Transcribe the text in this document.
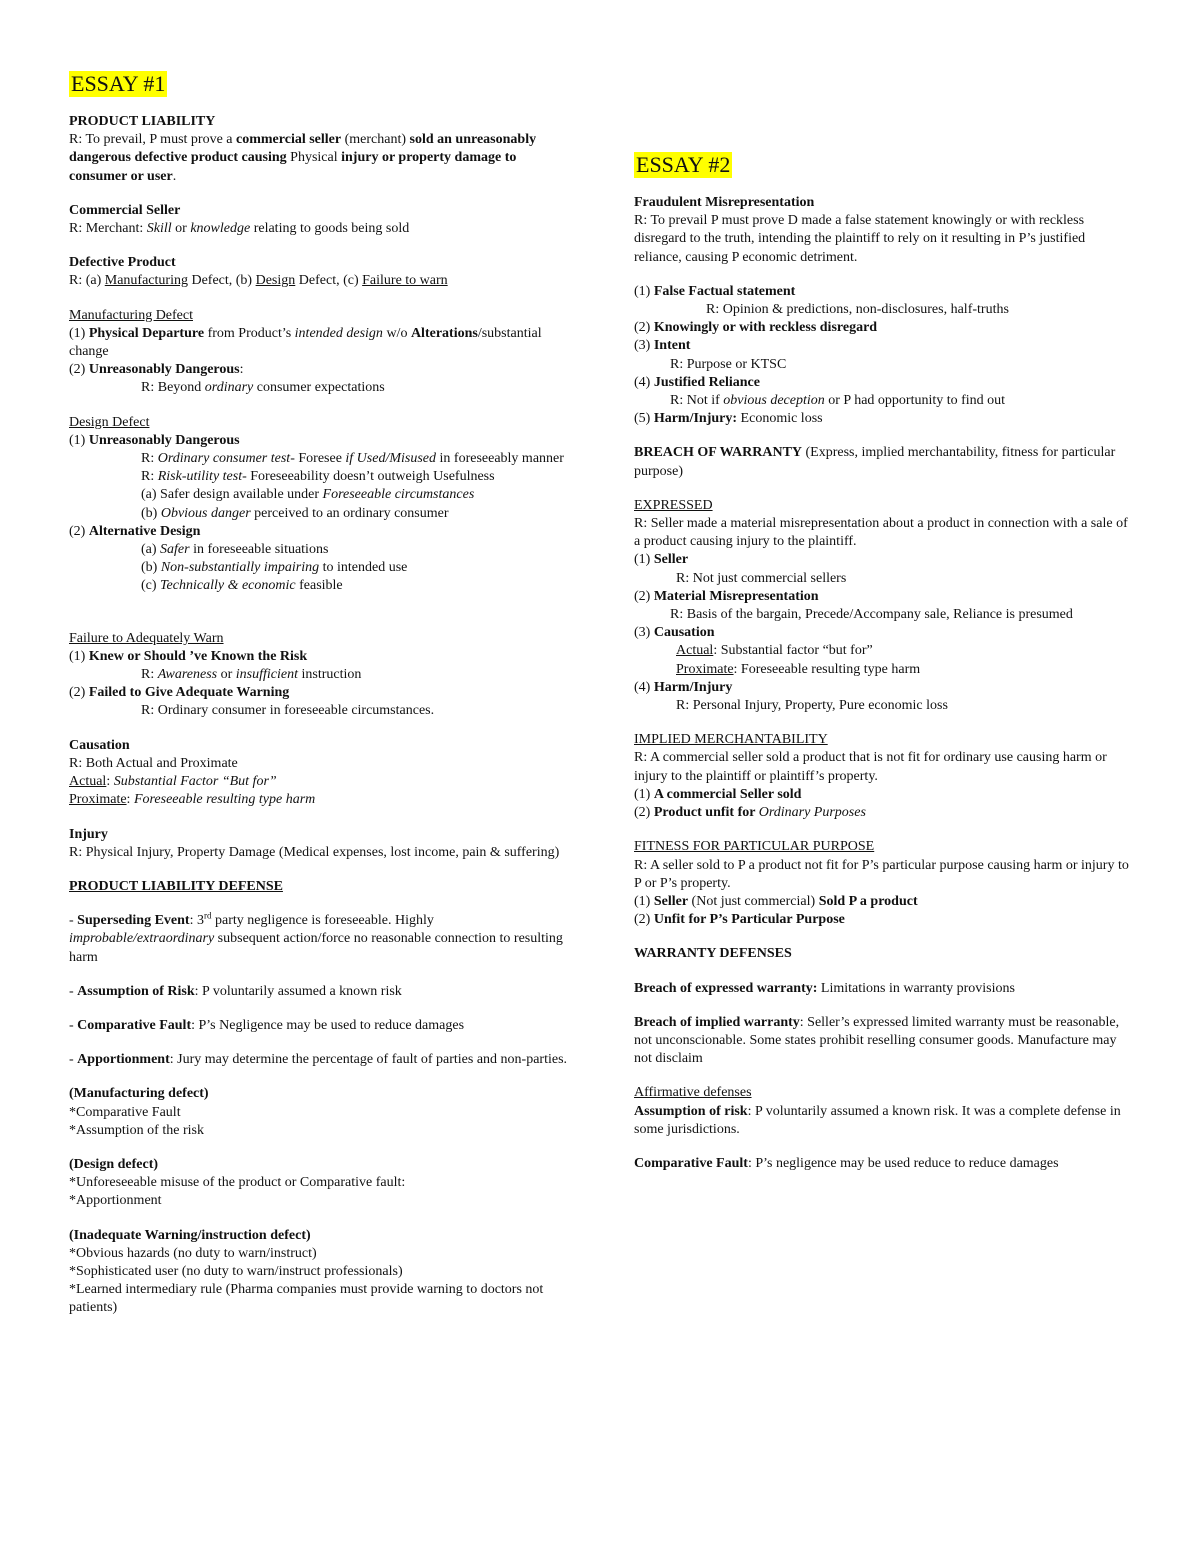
ESSAY #1
PRODUCT LIABILITY
R: To prevail, P must prove a commercial seller (merchant) sold an unreasonably dangerous defective product causing Physical injury or property damage to consumer or user.
Commercial Seller
R: Merchant: Skill or knowledge relating to goods being sold
Defective Product
R: (a) Manufacturing Defect, (b) Design Defect, (c) Failure to warn
Manufacturing Defect
(1) Physical Departure from Product’s intended design w/o Alterations/substantial change
(2) Unreasonably Dangerous:
R: Beyond ordinary consumer expectations
Design Defect
(1) Unreasonably Dangerous
R: Ordinary consumer test- Foresee if Used/Misused in foreseeably manner
R: Risk-utility test- Foreseeability doesn’t outweigh Usefulness
(a) Safer design available under Foreseeable circumstances
(b) Obvious danger perceived to an ordinary consumer
(2) Alternative Design
(a) Safer in foreseeable situations
(b) Non-substantially impairing to intended use
(c) Technically & economic feasible
Failure to Adequately Warn
(1) Knew or Should ’ve Known the Risk
R: Awareness or insufficient instruction
(2) Failed to Give Adequate Warning
R: Ordinary consumer in foreseeable circumstances.
Causation
R: Both Actual and Proximate
Actual: Substantial Factor “But for”
Proximate: Foreseeable resulting type harm
Injury
R: Physical Injury, Property Damage (Medical expenses, lost income, pain & suffering)
PRODUCT LIABILITY DEFENSE
- Superseding Event: 3rd party negligence is foreseeable. Highly improbable/extraordinary subsequent action/force no reasonable connection to resulting harm
- Assumption of Risk: P voluntarily assumed a known risk
- Comparative Fault: P’s Negligence may be used to reduce damages
- Apportionment: Jury may determine the percentage of fault of parties and non-parties.
(Manufacturing defect)
*Comparative Fault
*Assumption of the risk
(Design defect)
*Unforeseeable misuse of the product or Comparative fault:
*Apportionment
(Inadequate Warning/instruction defect)
*Obvious hazards (no duty to warn/instruct)
*Sophisticated user (no duty to warn/instruct professionals)
*Learned intermediary rule (Pharma companies must provide warning to doctors not patients)
ESSAY #2
Fraudulent Misrepresentation
R: To prevail P must prove D made a false statement knowingly or with reckless disregard to the truth, intending the plaintiff to rely on it resulting in P’s justified reliance, causing P economic detriment.
(1) False Factual statement
R: Opinion & predictions, non-disclosures, half-truths
(2) Knowingly or with reckless disregard
(3) Intent
R: Purpose or KTSC
(4) Justified Reliance
R: Not if obvious deception or P had opportunity to find out
(5) Harm/Injury: Economic loss
BREACH OF WARRANTY (Express, implied merchantability, fitness for particular purpose)
EXPRESSED
R: Seller made a material misrepresentation about a product in connection with a sale of a product causing injury to the plaintiff.
(1) Seller
R: Not just commercial sellers
(2) Material Misrepresentation
R: Basis of the bargain, Precede/Accompany sale, Reliance is presumed
(3) Causation
Actual: Substantial factor “but for”
Proximate: Foreseeable resulting type harm
(4) Harm/Injury
R: Personal Injury, Property, Pure economic loss
IMPLIED MERCHANTABILITY
R: A commercial seller sold a product that is not fit for ordinary use causing harm or injury to the plaintiff or plaintiff’s property.
(1) A commercial Seller sold
(2) Product unfit for Ordinary Purposes
FITNESS FOR PARTICULAR PURPOSE
R: A seller sold to P a product not fit for P’s particular purpose causing harm or injury to P or P’s property.
(1) Seller (Not just commercial) Sold P a product
(2) Unfit for P’s Particular Purpose
WARRANTY DEFENSES
Breach of expressed warranty: Limitations in warranty provisions
Breach of implied warranty: Seller’s expressed limited warranty must be reasonable, not unconscionable. Some states prohibit reselling consumer goods. Manufacture may not disclaim
Affirmative defenses
Assumption of risk: P voluntarily assumed a known risk. It was a complete defense in some jurisdictions.
Comparative Fault: P’s negligence may be used reduce to reduce damages
